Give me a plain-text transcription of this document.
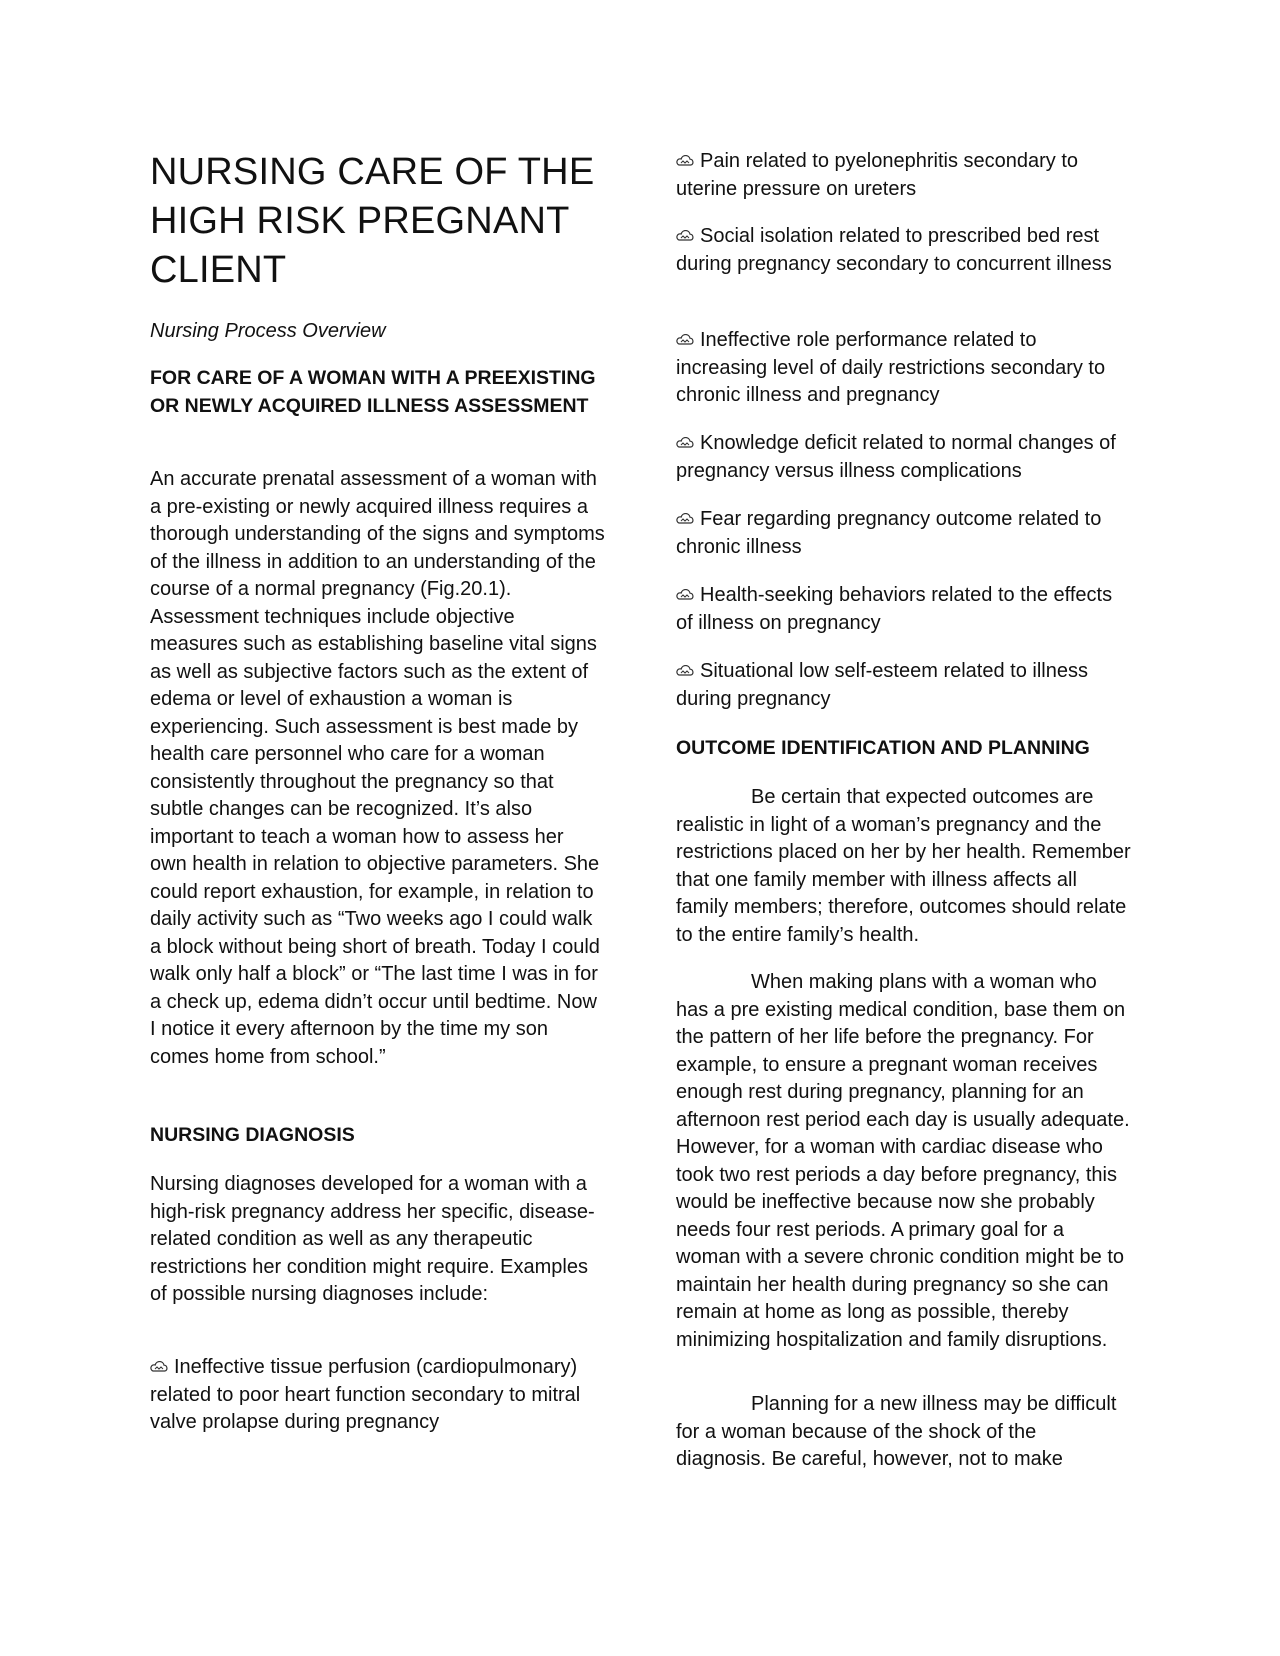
NURSING CARE OF THE HIGH RISK PREGNANT CLIENT

Nursing Process Overview

FOR CARE OF A WOMAN WITH A PREEXISTING OR NEWLY ACQUIRED ILLNESS ASSESSMENT

An accurate prenatal assessment of a woman with a pre-existing or newly acquired illness requires a thorough understanding of the signs and symptoms of the illness in addition to an understanding of the course of a normal pregnancy (Fig.20.1). Assessment techniques include objective measures such as establishing baseline vital signs as well as subjective factors such as the extent of edema or level of exhaustion a woman is experiencing. Such assessment is best made by health care personnel who care for a woman consistently throughout the pregnancy so that subtle changes can be recognized. It’s also important to teach a woman how to assess her own health in relation to objective parameters. She could report exhaustion, for example, in relation to daily activity such as “Two weeks ago I could walk a block without being short of breath. Today I could walk only half a block” or “The last time I was in for a check up, edema didn’t occur until bedtime. Now I notice it every afternoon by the time my son comes home from school.”

NURSING DIAGNOSIS

Nursing diagnoses developed for a woman with a high-risk pregnancy address her specific, disease-related condition as well as any therapeutic restrictions her condition might require. Examples of possible nursing diagnoses include:

Ineffective tissue perfusion (cardiopulmonary) related to poor heart function secondary to mitral valve prolapse during pregnancy

Pain related to pyelonephritis secondary to uterine pressure on ureters

Social isolation related to prescribed bed rest during pregnancy secondary to concurrent illness

Ineffective role performance related to increasing level of daily restrictions secondary to chronic illness and pregnancy

Knowledge deficit related to normal changes of pregnancy versus illness complications

Fear regarding pregnancy outcome related to chronic illness

Health-seeking behaviors related to the effects of illness on pregnancy

Situational low self-esteem related to illness during pregnancy

OUTCOME IDENTIFICATION AND PLANNING

Be certain that expected outcomes are realistic in light of a woman’s pregnancy and the restrictions placed on her by her health. Remember that one family member with illness affects all family members; therefore, outcomes should relate to the entire family’s health.

When making plans with a woman who has a pre existing medical condition, base them on the pattern of her life before the pregnancy. For example, to ensure a pregnant woman receives enough rest during pregnancy, planning for an afternoon rest period each day is usually adequate. However, for a woman with cardiac disease who took two rest periods a day before pregnancy, this would be ineffective because now she probably needs four rest periods. A primary goal for a woman with a severe chronic condition might be to maintain her health during pregnancy so she can remain at home as long as possible, thereby minimizing hospitalization and family disruptions.

Planning for a new illness may be difficult for a woman because of the shock of the diagnosis. Be careful, however, not to make
